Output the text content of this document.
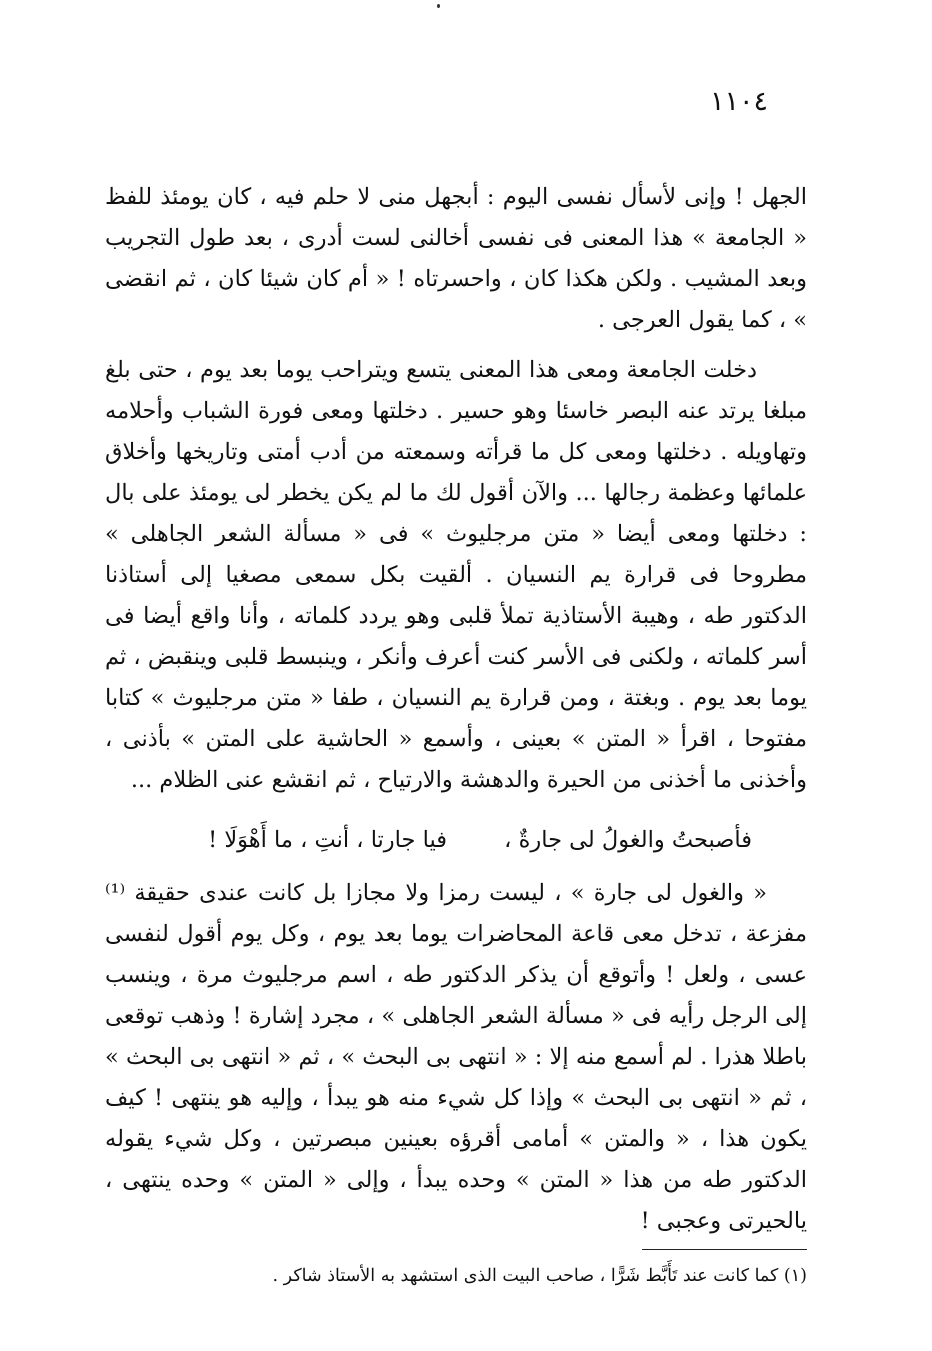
١١٠٤

الجهل ! وإنى لأسأل نفسى اليوم : أبجهل منى لا حلم فيه ، كان يومئذ للفظ « الجامعة » هذا المعنى فى نفسى أخالنى لست أدرى ، بعد طول التجريب وبعد المشيب . ولكن هكذا كان ، واحسرتاه ! « أم كان شيئا كان ، ثم انقضى » ، كما يقول العرجى .

دخلت الجامعة ومعى هذا المعنى يتسع ويتراحب يوما بعد يوم ، حتى بلغ مبلغا يرتد عنه البصر خاسئا وهو حسير . دخلتها ومعى فورة الشباب وأحلامه وتهاويله . دخلتها ومعى كل ما قرأته وسمعته من أدب أمتى وتاريخها وأخلاق علمائها وعظمة رجالها ... والآن أقول لك ما لم يكن يخطر لى يومئذ على بال : دخلتها ومعى أيضا « متن مرجليوث » فى « مسألة الشعر الجاهلى » مطروحا فى قرارة يم النسيان . ألقيت بكل سمعى مصغيا إلى أستاذنا الدكتور طه ، وهيبة الأستاذية تملأ قلبى وهو يردد كلماته ، وأنا واقع أيضا فى أسر كلماته ، ولكنى فى الأسر كنت أعرف وأنكر ، وينبسط قلبى وينقبض ، ثم يوما بعد يوم . وبغتة ، ومن قرارة يم النسيان ، طفا « متن مرجليوث » كتابا مفتوحا ، اقرأ « المتن » بعينى ، وأسمع « الحاشية على المتن » بأذنى ، وأخذنى ما أخذنى من الحيرة والدهشة والارتياح ، ثم انقشع عنى الظلام ...

فأصبحتُ والغولُ لى جارةٌ ،
فيا جارتا ، أنتِ ، ما أَهْوَلَا !

« والغول لى جارة » ، ليست رمزا ولا مجازا بل كانت عندى حقيقة ⁽¹⁾ مفزعة ، تدخل معى قاعة المحاضرات يوما بعد يوم ، وكل يوم أقول لنفسى عسى ، ولعل ! وأتوقع أن يذكر الدكتور طه ، اسم مرجليوث مرة ، وينسب إلى الرجل رأيه فى « مسألة الشعر الجاهلى » ، مجرد إشارة ! وذهب توقعى باطلا هذرا . لم أسمع منه إلا : « انتهى بى البحث » ، ثم « انتهى بى البحث » ، ثم « انتهى بى البحث » وإذا كل شيء منه هو يبدأ ، وإليه هو ينتهى ! كيف يكون هذا ، « والمتن » أمامى أقرؤه بعينين مبصرتين ، وكل شيء يقوله الدكتور طه من هذا « المتن » وحده يبدأ ، وإلى « المتن » وحده ينتهى ، يالحيرتى وعجبى !

(١) كما كانت عند تَأَبَّط شَرًّا ، صاحب البيت الذى استشهد به الأستاذ شاكر .
